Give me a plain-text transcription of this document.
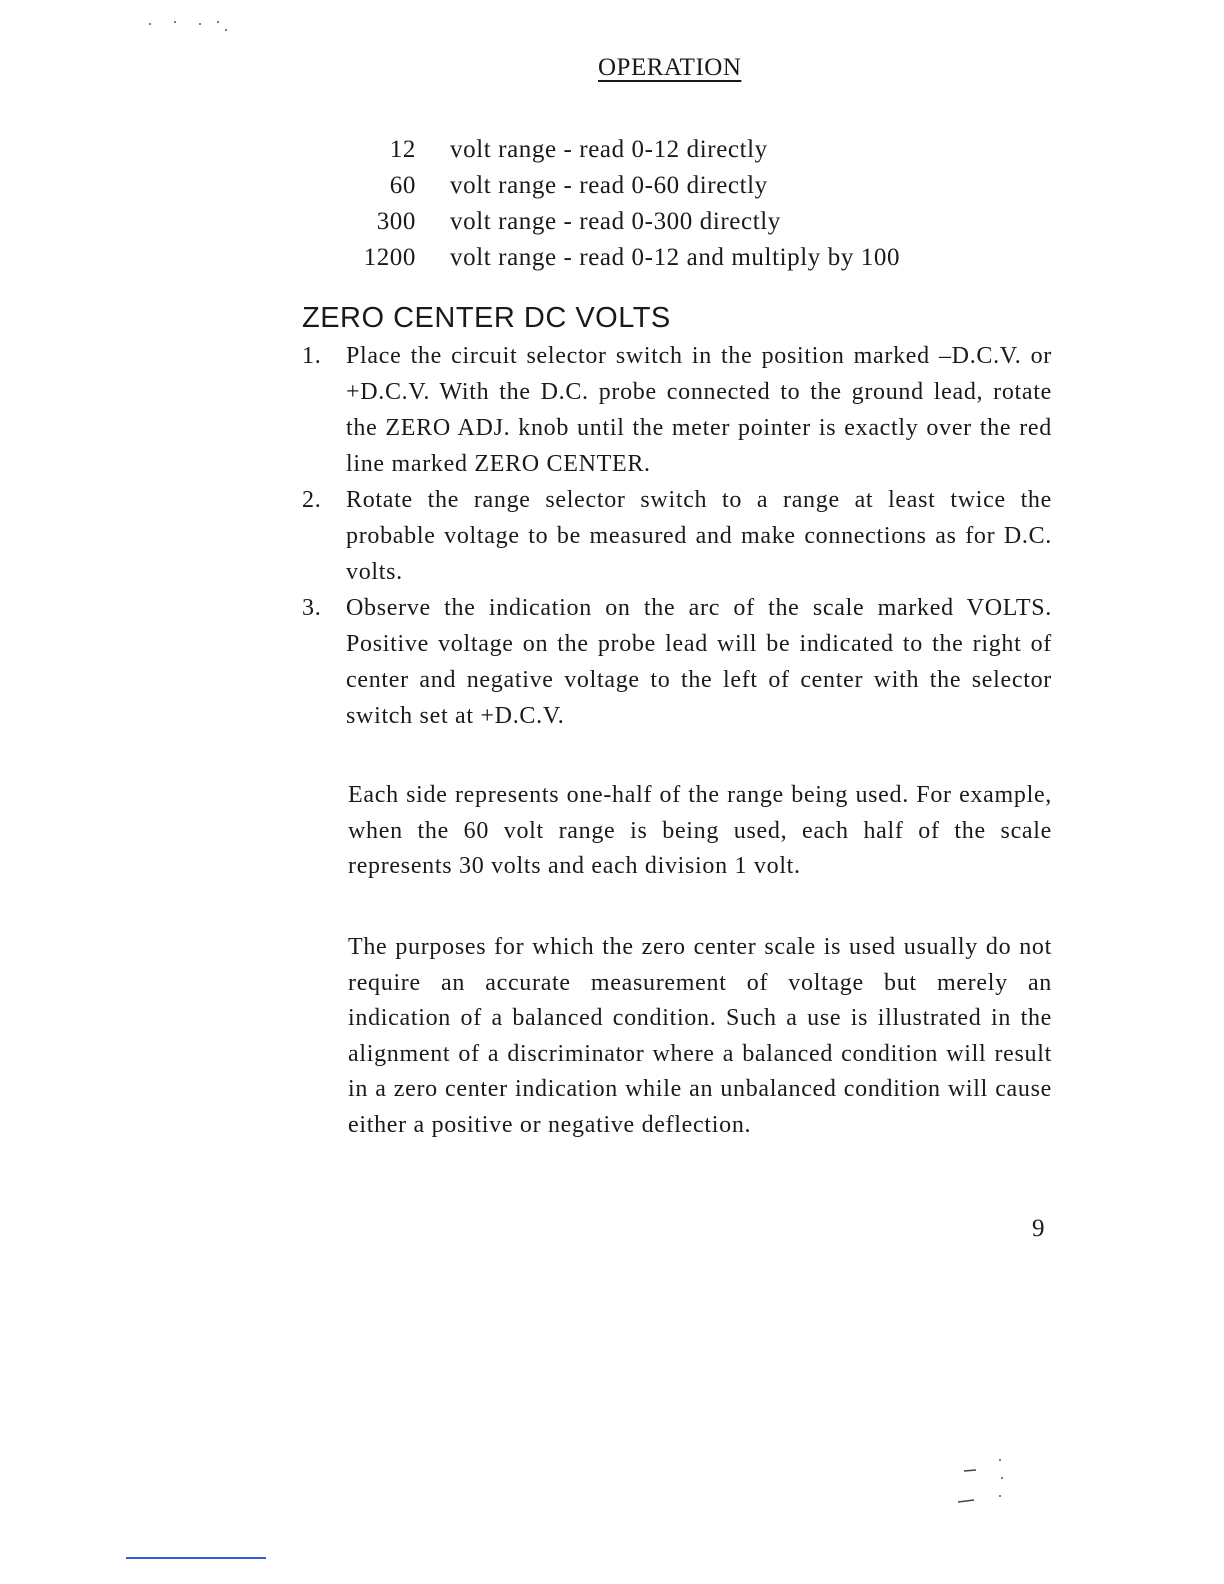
OPERATION
12	volt range - read 0-12 directly
60	volt range - read 0-60 directly
300	volt range - read 0-300 directly
1200	volt range - read 0-12 and multiply by 100
ZERO CENTER DC VOLTS
1. Place the circuit selector switch in the position marked –D.C.V. or +D.C.V. With the D.C. probe connected to the ground lead, rotate the ZERO ADJ. knob until the meter pointer is exactly over the red line marked ZERO CENTER.
2. Rotate the range selector switch to a range at least twice the probable voltage to be measured and make connections as for D.C. volts.
3. Observe the indication on the arc of the scale marked VOLTS. Positive voltage on the probe lead will be indicated to the right of center and negative voltage to the left of center with the selector switch set at +D.C.V.

Each side represents one-half of the range being used. For example, when the 60 volt range is being used, each half of the scale represents 30 volts and each division 1 volt.

The purposes for which the zero center scale is used usually do not require an accurate measurement of voltage but merely an indication of a balanced condition. Such a use is illustrated in the alignment of a discriminator where a balanced condition will result in a zero center indication while an unbalanced condition will cause either a positive or negative deflection.

9
